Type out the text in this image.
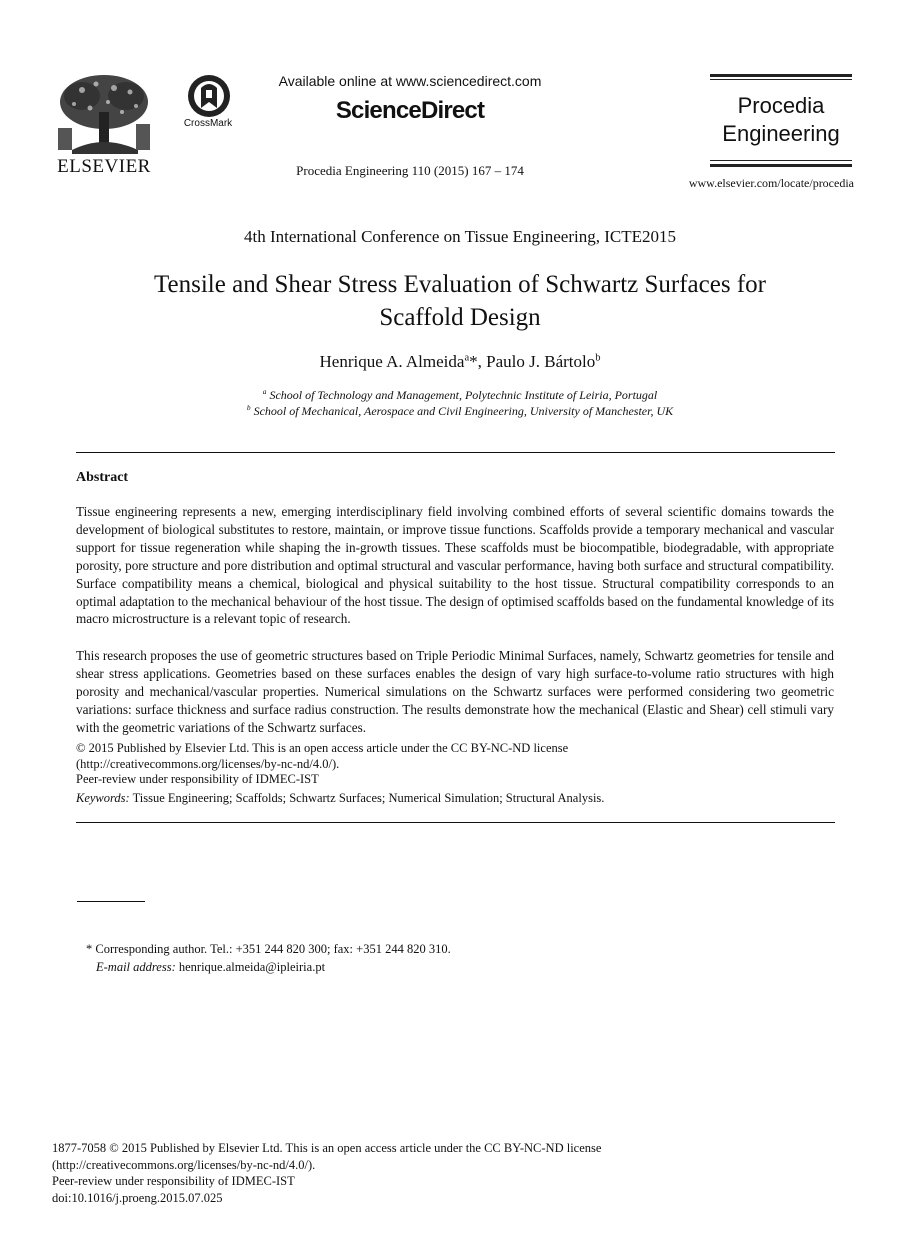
ELSEVIER
CrossMark
Available online at www.sciencedirect.com
ScienceDirect
Procedia Engineering 110 (2015) 167 – 174
Procedia
Engineering
www.elsevier.com/locate/procedia
4th International Conference on Tissue Engineering, ICTE2015
Tensile and Shear Stress Evaluation of Schwartz Surfaces for
Scaffold Design
Henrique A. Almeida$^a$*, Paulo J. Bártolo$^b$
$^a$ School of Technology and Management, Polytechnic Institute of Leiria, Portugal
$^b$ School of Mechanical, Aerospace and Civil Engineering, University of Manchester, UK
Abstract
Tissue engineering represents a new, emerging interdisciplinary field involving combined efforts of several scientific domains towards the development of biological substitutes to restore, maintain, or improve tissue functions. Scaffolds provide a temporary mechanical and vascular support for tissue regeneration while shaping the in-growth tissues. These scaffolds must be biocompatible, biodegradable, with appropriate porosity, pore structure and pore distribution and optimal structural and vascular performance, having both surface and structural compatibility. Surface compatibility means a chemical, biological and physical suitability to the host tissue. Structural compatibility corresponds to an optimal adaptation to the mechanical behaviour of the host tissue. The design of optimised scaffolds based on the fundamental knowledge of its macro microstructure is a relevant topic of research.
This research proposes the use of geometric structures based on Triple Periodic Minimal Surfaces, namely, Schwartz geometries for tensile and shear stress applications. Geometries based on these surfaces enables the design of vary high surface-to-volume ratio structures with high porosity and mechanical/vascular properties. Numerical simulations on the Schwartz surfaces were performed considering two geometric variations: surface thickness and surface radius construction. The results demonstrate how the mechanical (Elastic and Shear) cell stimuli vary with the geometric variations of the Schwartz surfaces.
© 2015 Published by Elsevier Ltd. This is an open access article under the CC BY-NC-ND license
(http://creativecommons.org/licenses/by-nc-nd/4.0/).
Peer-review under responsibility of IDMEC-IST
Keywords: Tissue Engineering; Scaffolds; Schwartz Surfaces; Numerical Simulation; Structural Analysis.
* Corresponding author. Tel.: +351 244 820 300; fax: +351 244 820 310.
E-mail address: henrique.almeida@ipleiria.pt
1877-7058 © 2015 Published by Elsevier Ltd. This is an open access article under the CC BY-NC-ND license
(http://creativecommons.org/licenses/by-nc-nd/4.0/).
Peer-review under responsibility of IDMEC-IST
doi:10.1016/j.proeng.2015.07.025
